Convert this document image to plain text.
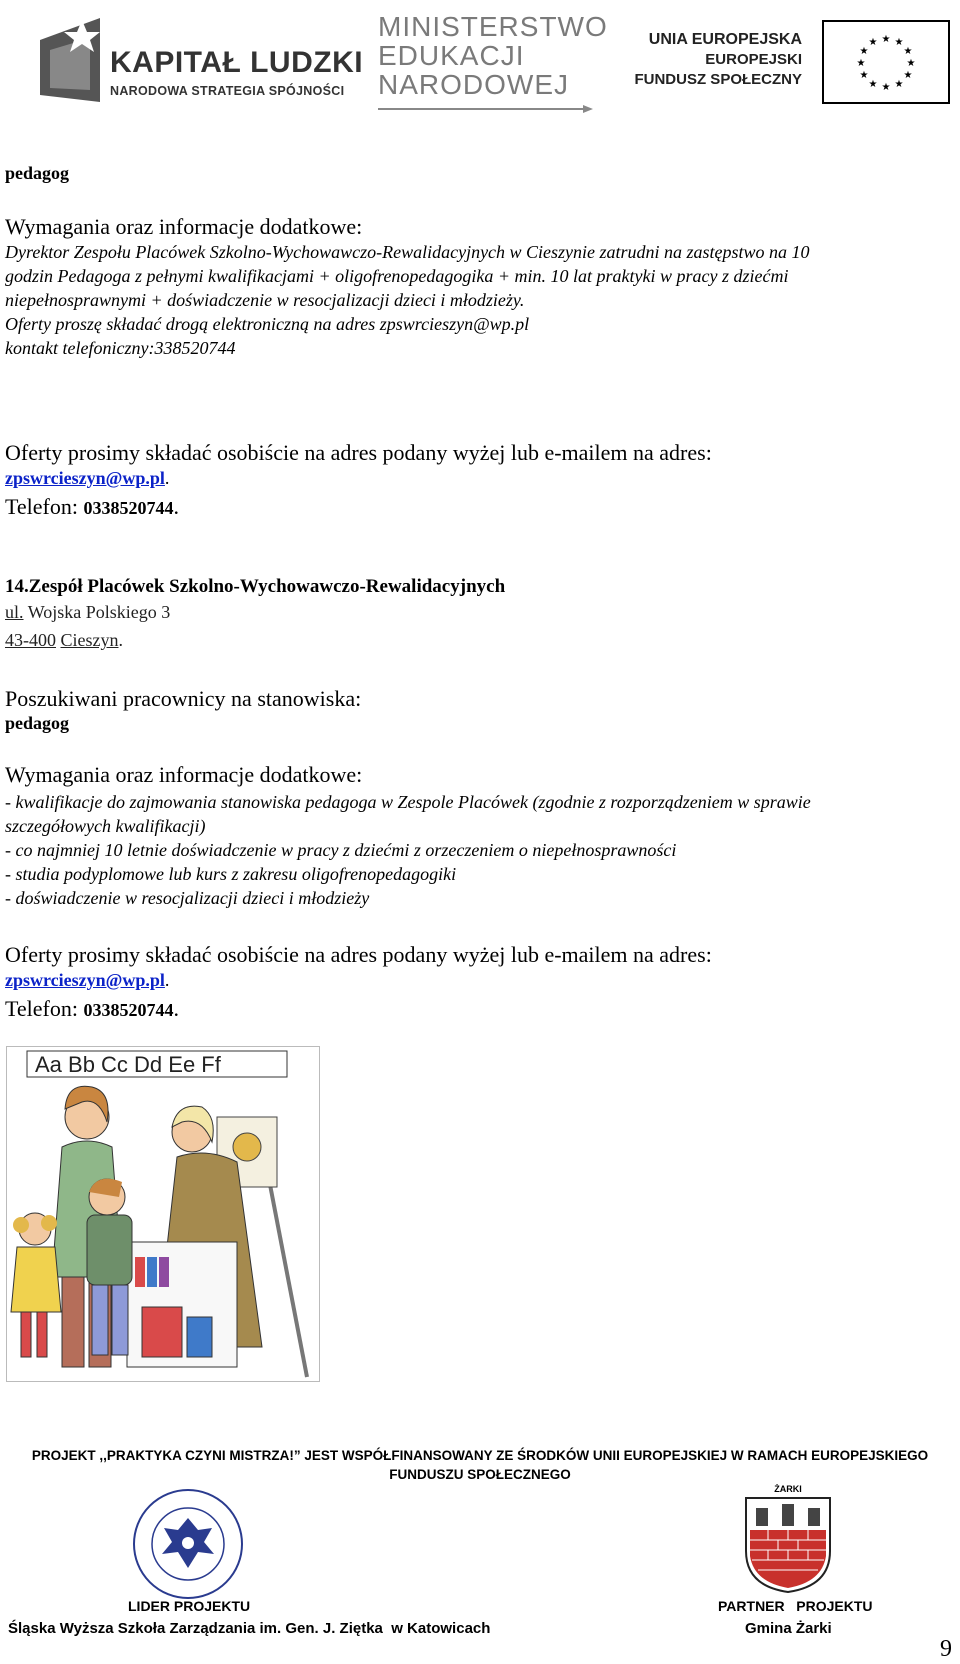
KAPITAŁ LUDZKI
NARODOWA STRATEGIA SPÓJNOŚCI
MINISTERSTWO
EDUKACJI
NARODOWEJ
UNIA EUROPEJSKA
EUROPEJSKI
FUNDUSZ SPOŁECZNY
★ ★
★
★
★
★
★
★
★
★
★
★
pedagog
Wymagania oraz informacje dodatkowe:
Dyrektor Zespołu Placówek Szkolno-Wychowawczo-Rewalidacyjnych w Cieszynie zatrudni na zastępstwo na 10
godzin Pedagoga z pełnymi kwalifikacjami + oligofrenopedagogika + min. 10 lat praktyki w pracy z dziećmi
niepełnosprawnymi + doświadczenie w resocjalizacji dzieci i młodzieży.
Oferty proszę składać drogą elektroniczną na adres zpswrcieszyn@wp.pl
kontakt telefoniczny:338520744
Oferty prosimy składać osobiście na adres podany wyżej lub e-mailem na adres:
zpswrcieszyn@wp.pl.
Telefon: 0338520744.
14.Zespół Placówek Szkolno-Wychowawczo-Rewalidacyjnych
ul. Wojska Polskiego 3
43-400 Cieszyn.
Poszukiwani pracownicy na stanowiska:
pedagog
Wymagania oraz informacje dodatkowe:
- kwalifikacje do zajmowania stanowiska pedagoga w Zespole Placówek (zgodnie z rozporządzeniem w sprawie
szczegółowych kwalifikacji)
- co najmniej 10 letnie doświadczenie w pracy z dziećmi z orzeczeniem o niepełnosprawności
- studia podyplomowe lub kurs z zakresu oligofrenopedagogiki
- doświadczenie w resocjalizacji dzieci i młodzieży
Oferty prosimy składać osobiście na adres podany wyżej lub e-mailem na adres:
zpswrcieszyn@wp.pl.
Telefon: 0338520744.
Aa Bb Cc Dd Ee Ff
PROJEKT ,,PRAKTYKA CZYNI MISTRZA!” JEST WSPÓŁFINANSOWANY ZE ŚRODKÓW UNII EUROPEJSKIEJ W RAMACH EUROPEJSKIEGO
FUNDUSZU SPOŁECZNEGO
ŻARKI
LIDER PROJEKTU	PARTNER   PROJEKTU
Śląska Wyższa Szkoła Zarządzania im. Gen. J. Ziętka  w Katowicach	Gmina Żarki
9
